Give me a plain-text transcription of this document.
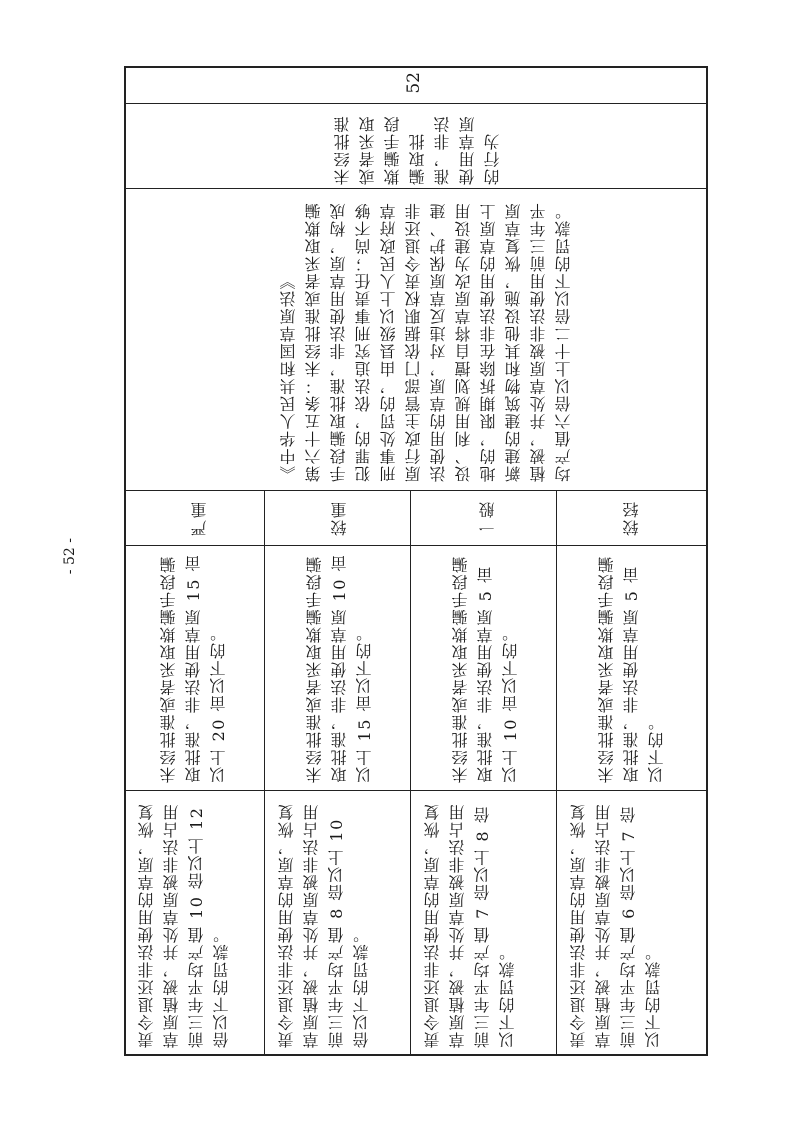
52
未经批准或者采取欺骗手段骗取批准，非法使用草原的行为
《中华人民共和国草原法》 第六十五条：未经批准或者采取欺骗手段骗取批准，非法使用草原，构成犯罪的，依法追究刑事责任；尚不够刑事处罚的，由县级以上人民政府草原行政主管部门依据职权责令退还非法使用的草原，对违反草原保护、建设、利用规划擅自将草原改为建设用地的，限期拆除在非法使用的草原上新建的建筑物和其他设施，恢复草原植被，并处草原被非法使用前三年平均产值六倍以上十二倍以下的罚款。
较轻
未经批准或者采取欺骗手段骗取批准，非法使用草原 5 亩以下的。
责令退还非法使用的草原，恢复草原植被，并处草原被非法占用前三年平均产值 6 倍以上 7 倍以下的罚款。
一般
未经批准或者采取欺骗手段骗取批准，非法使用草原 5 亩以上 10 亩以下的。
责令退还非法使用的草原，恢复草原植被，并处草原被非法占用前三年平均产值 7 倍以上 8 倍以下的罚款。
较重
未经批准或者采取欺骗手段骗取批准，非法使用草原 10 亩以上 15 亩以下的。
责令退还非法使用的草原，恢复草原植被，并处草原被非法占用前三年平均产值 8 倍以上 10 倍以下的罚款。
严重
未经批准或者采取欺骗手段骗取批准，非法使用草原 15 亩以上 20 亩以下的。
责令退还非法使用的草原，恢复草原植被，并处草原被非法占用前三年平均产值 10 倍以上 12 倍以下的罚款。
- 52 -
